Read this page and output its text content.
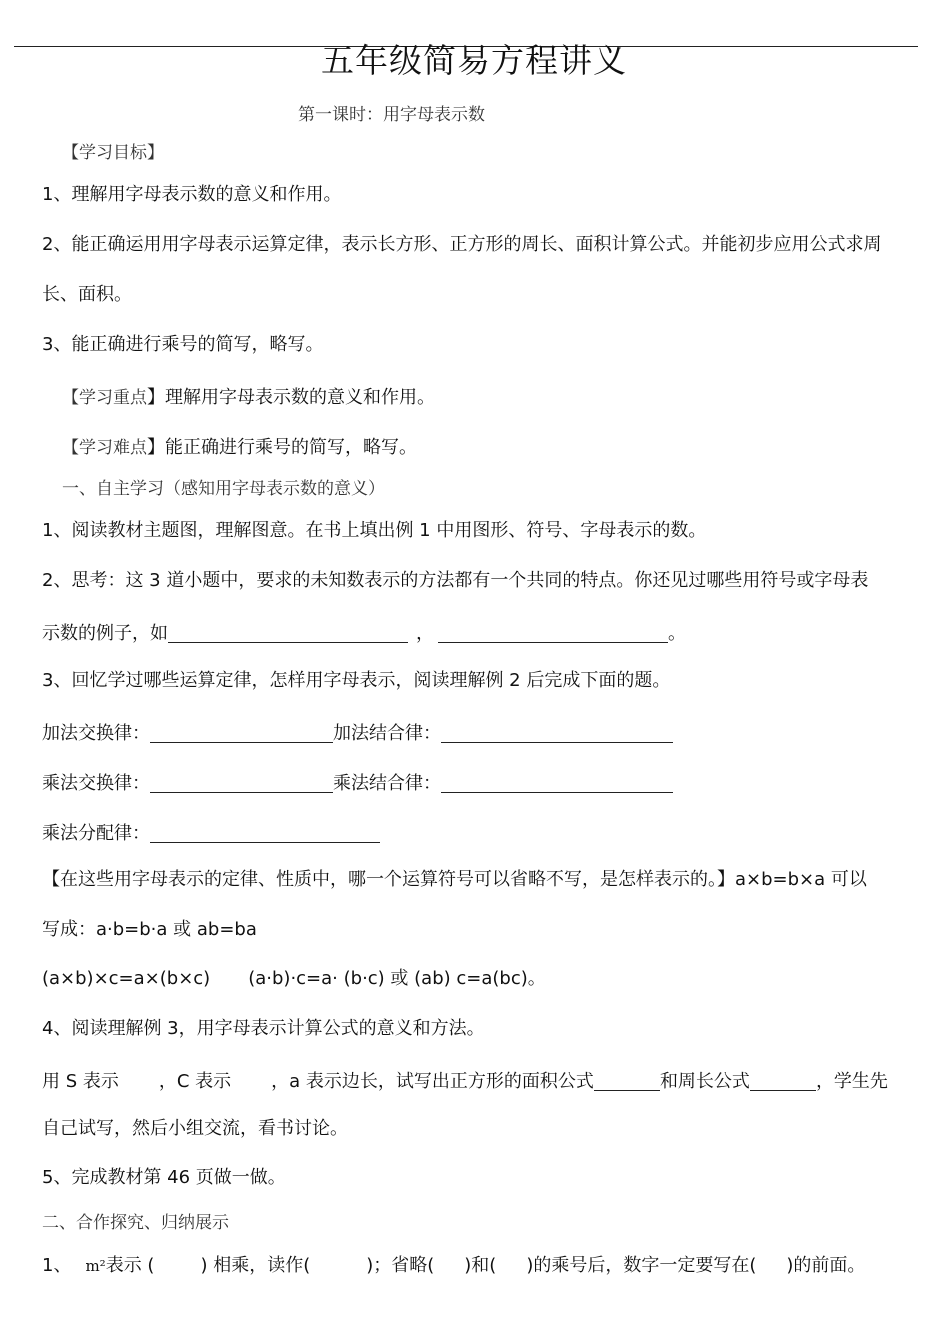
五年级简易方程讲义
第一课时：用字母表示数
【学习目标】
1、理解用字母表示数的意义和作用。
2、能正确运用用字母表示运算定律，表示长方形、正方形的周长、面积计算公式。并能初步应用公式求周
长、面积。
3、能正确进行乘号的简写，略写。
【学习重点】理解用字母表示数的意义和作用。
【学习难点】能正确进行乘号的简写，略写。
一、自主学习（感知用字母表示数的意义）
1、阅读教材主题图，理解图意。在书上填出例 1 中用图形、符号、字母表示的数。
2、思考：这 3 道小题中，要求的未知数表示的方法都有一个共同的特点。你还见过哪些用符号或字母表
示数的例子，如	，	。
3、回忆学过哪些运算定律，怎样用字母表示，阅读理解例 2 后完成下面的题。
加法交换律：	加法结合律：
乘法交换律：	乘法结合律：
乘法分配律：
【在这些用字母表示的定律、性质中，哪一个运算符号可以省略不写，是怎样表示的。】a×b=b×a 可以
写成：a·b=b·a 或 ab=ba
(a×b)×c=a×(b×c) (a·b)·c=a· (b·c) 或 (ab) c=a(bc)。
4、阅读理解例 3，用字母表示计算公式的意义和方法。
用 S 表示 ，C 表示 ，a 表示边长，试写出正方形的面积公式	和周长公式	，学生先
自己试写，然后小组交流，看书讨论。
5、完成教材第 46 页做一做。
二、合作探究、归纳展示
1、 m²表示 (	) 相乘，读作(	)；省略( )和( )的乘号后，数字一定要写在( )的前面。
